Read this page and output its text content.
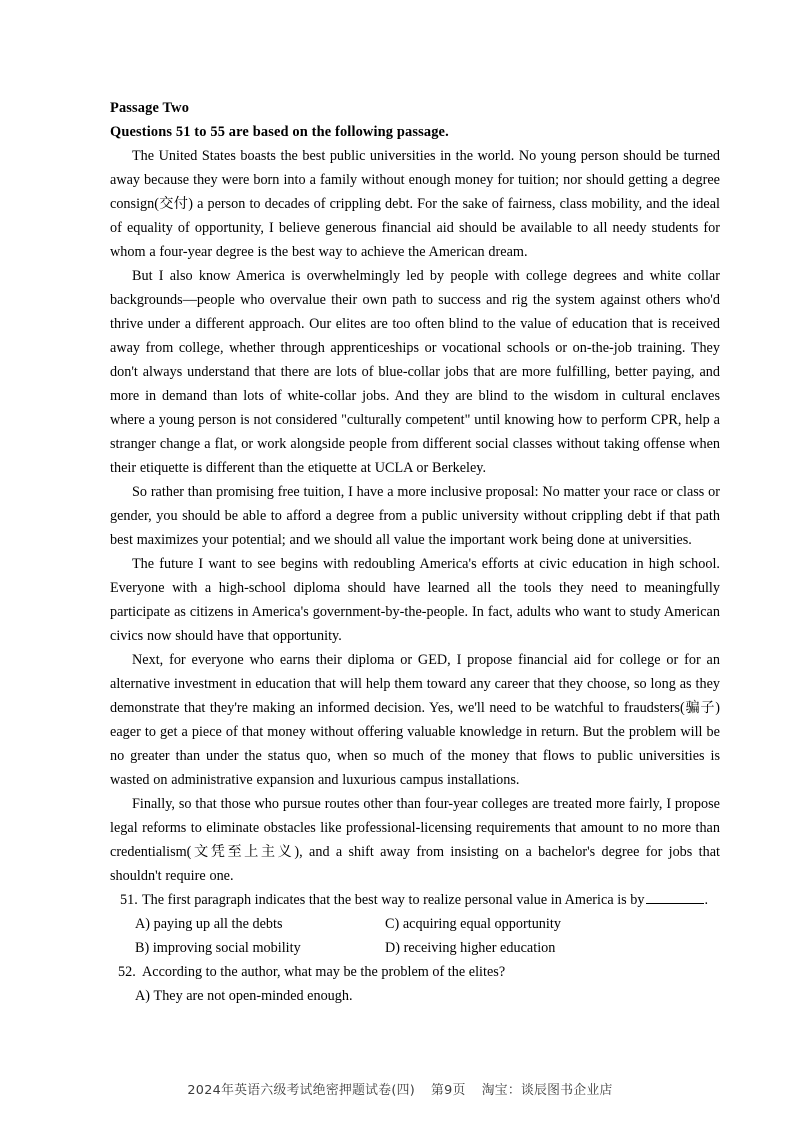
Passage Two
Questions 51 to 55 are based on the following passage.

The United States boasts the best public universities in the world. No young person should be turned away because they were born into a family without enough money for tuition; nor should getting a degree consign(交付) a person to decades of crippling debt. For the sake of fairness, class mobility, and the ideal of equality of opportunity, I believe generous financial aid should be available to all needy students for whom a four-year degree is the best way to achieve the American dream.

But I also know America is overwhelmingly led by people with college degrees and white collar backgrounds—people who overvalue their own path to success and rig the system against others who'd thrive under a different approach. Our elites are too often blind to the value of education that is received away from college, whether through apprenticeships or vocational schools or on-the-job training. They don't always understand that there are lots of blue-collar jobs that are more fulfilling, better paying, and more in demand than lots of white-collar jobs. And they are blind to the wisdom in cultural enclaves where a young person is not considered "culturally competent" until knowing how to perform CPR, help a stranger change a flat, or work alongside people from different social classes without taking offense when their etiquette is different than the etiquette at UCLA or Berkeley.

So rather than promising free tuition, I have a more inclusive proposal: No matter your race or class or gender, you should be able to afford a degree from a public university without crippling debt if that path best maximizes your potential; and we should all value the important work being done at universities.

The future I want to see begins with redoubling America's efforts at civic education in high school. Everyone with a high-school diploma should have learned all the tools they need to meaningfully participate as citizens in America's government-by-the-people. In fact, adults who want to study American civics now should have that opportunity.

Next, for everyone who earns their diploma or GED, I propose financial aid for college or for an alternative investment in education that will help them toward any career that they choose, so long as they demonstrate that they're making an informed decision. Yes, we'll need to be watchful to fraudsters(骗子) eager to get a piece of that money without offering valuable knowledge in return. But the problem will be no greater than under the status quo, when so much of the money that flows to public universities is wasted on administrative expansion and luxurious campus installations.

Finally, so that those who pursue routes other than four-year colleges are treated more fairly, I propose legal reforms to eliminate obstacles like professional-licensing requirements that amount to no more than credentialism(文凭至上主义), and a shift away from insisting on a bachelor's degree for jobs that shouldn't require one.

51. The first paragraph indicates that the best way to realize personal value in America is by	.
A) paying up all the debts	C) acquiring equal opportunity
B) improving social mobility	D) receiving higher education
52. According to the author, what may be the problem of the elites?
A) They are not open-minded enough.
2024年英语六级考试绝密押题试卷(四) 第9页 淘宝：谈辰图书企业店
